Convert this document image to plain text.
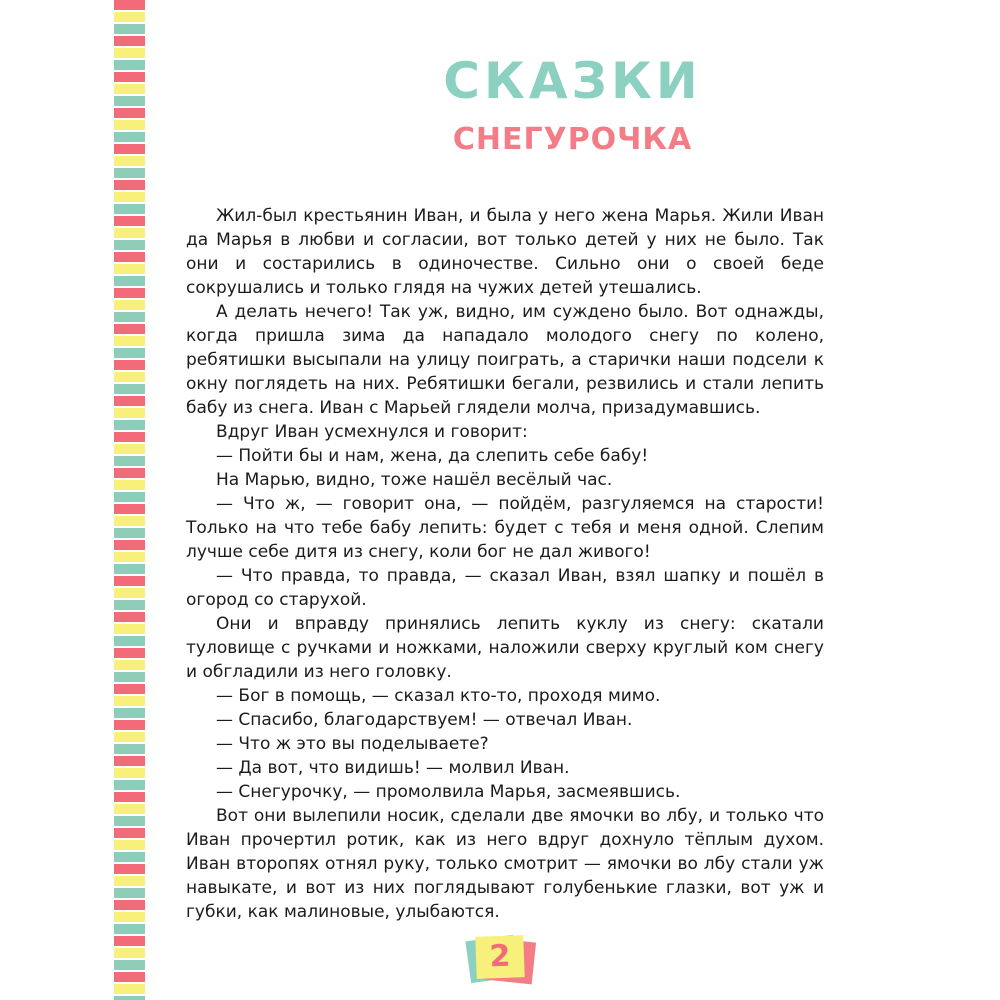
СКАЗКИ
СНЕГУРОЧКА

Жил-был крестьянин Иван, и была у него жена Марья. Жили Иван да Марья в любви и согласии, вот только детей у них не было. Так они и состарились в одиночестве. Сильно они о своей беде сокрушались и только глядя на чужих детей утешались.

А делать нечего! Так уж, видно, им суждено было. Вот однажды, когда пришла зима да нападало молодого снегу по колено, ребятишки высыпали на улицу поиграть, а старички наши подсели к окну поглядеть на них. Ребятишки бегали, резвились и стали лепить бабу из снега. Иван с Марьей глядели молча, призадумавшись.

Вдруг Иван усмехнулся и говорит:

— Пойти бы и нам, жена, да слепить себе бабу!

На Марью, видно, тоже нашёл весёлый час.

— Что ж, — говорит она, — пойдём, разгуляемся на старости! Только на что тебе бабу лепить: будет с тебя и меня одной. Слепим лучше себе дитя из снегу, коли бог не дал живого!

— Что правда, то правда, — сказал Иван, взял шапку и пошёл в огород со старухой.

Они и вправду принялись лепить куклу из снегу: скатали туловище с ручками и ножками, наложили сверху круглый ком снегу и обгладили из него головку.

— Бог в помощь, — сказал кто-то, проходя мимо.

— Спасибо, благодарствуем! — отвечал Иван.

— Что ж это вы поделываете?

— Да вот, что видишь! — молвил Иван.

— Снегурочку, — промолвила Марья, засмеявшись.

Вот они вылепили носик, сделали две ямочки во лбу, и только что Иван прочертил ротик, как из него вдруг дохнуло тёплым духом. Иван второпях отнял руку, только смотрит — ямочки во лбу стали уж навыкате, и вот из них поглядывают голубенькие глазки, вот уж и губки, как малиновые, улыбаются.

2
